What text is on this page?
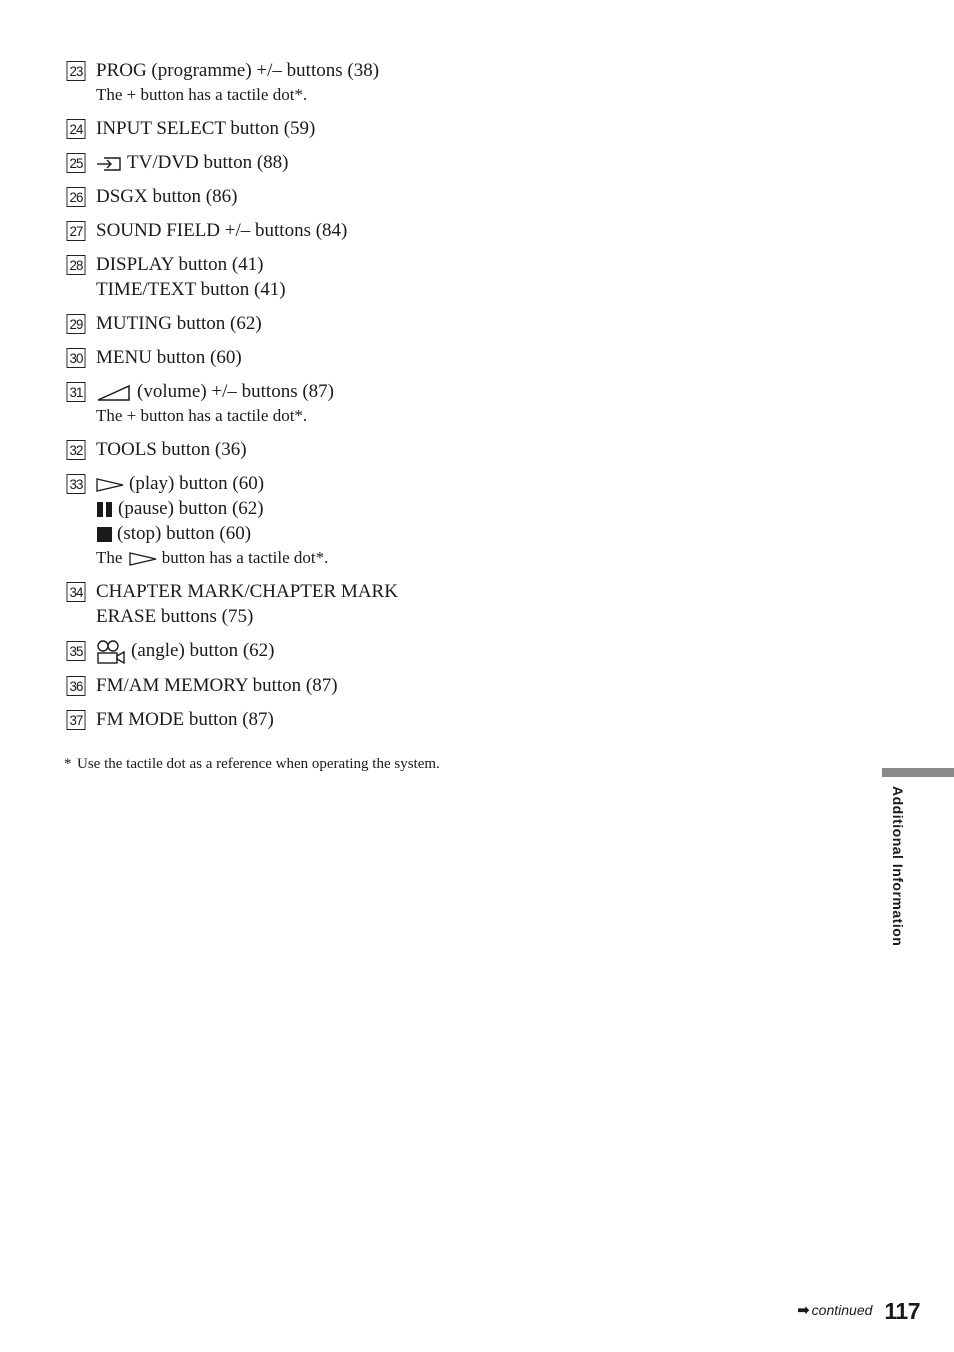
23 PROG (programme) +/– buttons (38)
The + button has a tactile dot*.
24 INPUT SELECT button (59)
25	TV/DVD button (88)
26 DSGX button (86)
27 SOUND FIELD +/– buttons (84)
28 DISPLAY button (41)
TIME/TEXT button (41)
29 MUTING button (62)
30 MENU button (60)
31	(volume) +/– buttons (87)
The + button has a tactile dot*.
32 TOOLS button (36)
33	(play) button (60)
(pause) button (62)
(stop) button (60)
The button has a tactile dot*.
34 CHAPTER MARK/CHAPTER MARK
ERASE buttons (75)
35	(angle) button (62)
36 FM/AM MEMORY button (87)
37 FM MODE button (87)
* Use the tactile dot as a reference when operating the system.
Additional Information
➡ continued 117
